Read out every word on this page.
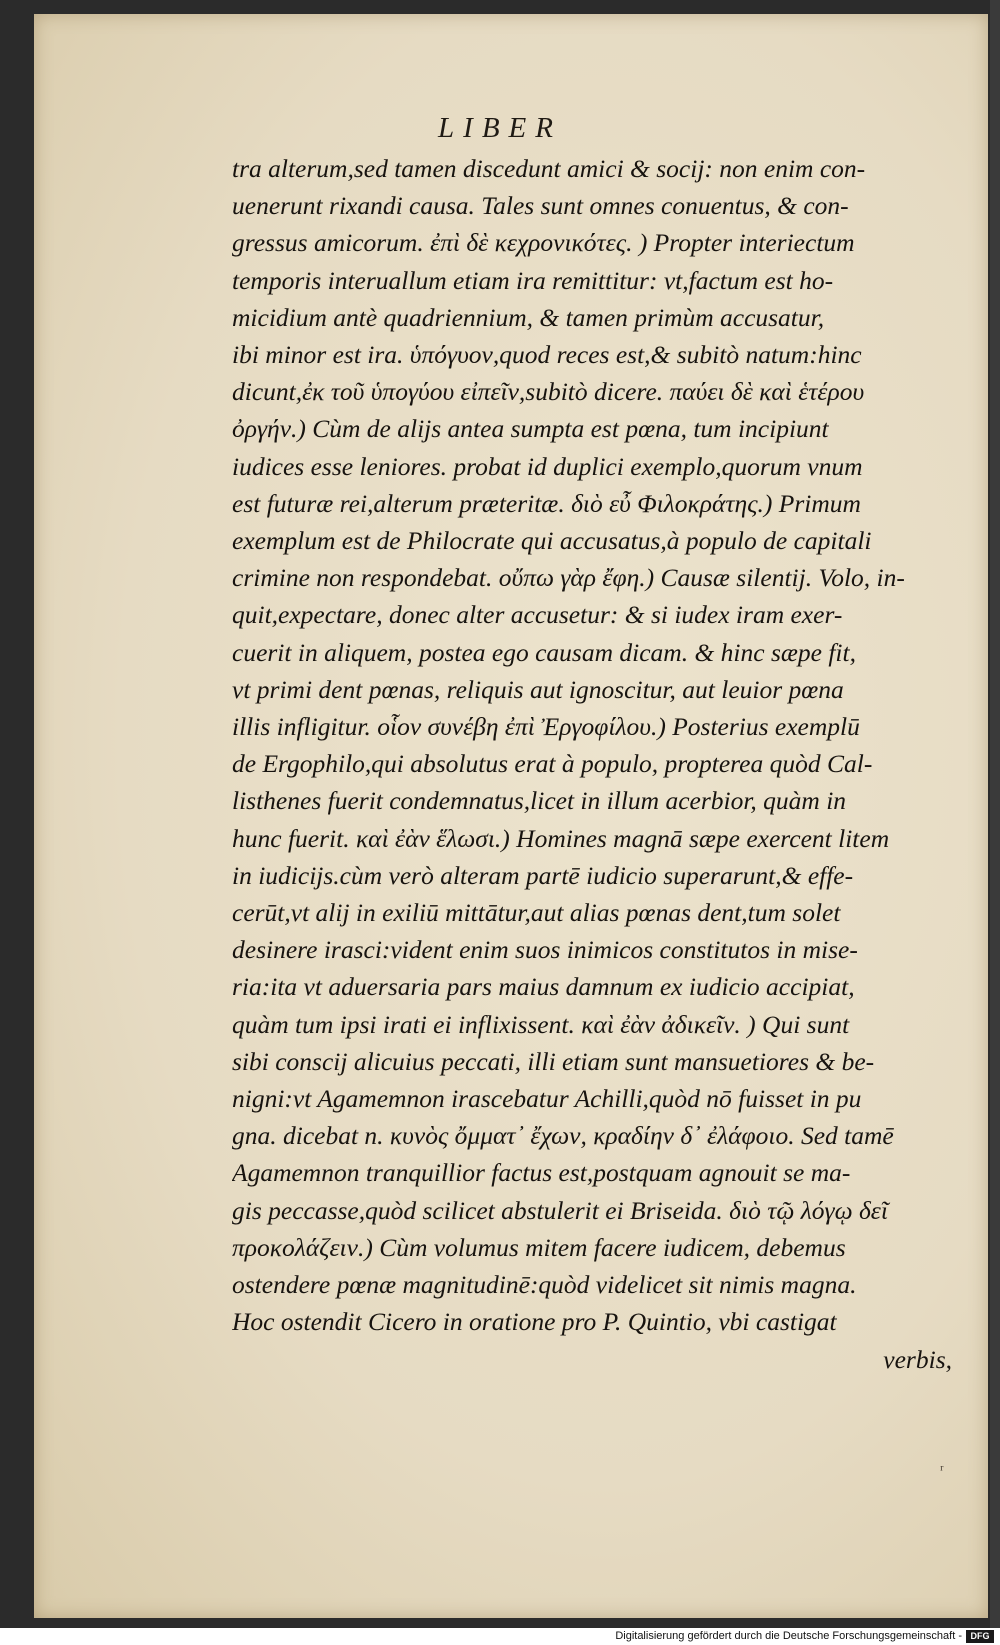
LIBER
tra alterum,sed tamen discedunt amici & socij: non enim con-
uenerunt rixandi causa. Tales sunt omnes conuentus, & con-
gressus amicorum. ἐπὶ δὲ κεχρονικότες. ) Propter interiectum
temporis interuallum etiam ira remittitur: vt,factum est ho-
micidium antè quadriennium, & tamen primùm accusatur,
ibi minor est ira. ὑπόγυον,quod reces est,& subitò natum:hinc
dicunt,ἐκ τοῦ ὑπογύου εἰπεῖν,subitò dicere. παύει δὲ καὶ ἑτέρου
ὀργήν.) Cùm de alijs antea sumpta est pœna, tum incipiunt
iudices esse leniores. probat id duplici exemplo,quorum vnum
est futuræ rei,alterum præteritæ. διὸ εὖ Φιλοκράτης.) Primum
exemplum est de Philocrate qui accusatus,à populo de capitali
crimine non respondebat. οὔπω γὰρ ἔφη.) Causæ silentij. Volo, in-
quit,expectare, donec alter accusetur: & si iudex iram exer-
cuerit in aliquem, postea ego causam dicam. & hinc sæpe fit,
vt primi dent pœnas, reliquis aut ignoscitur, aut leuior pœna
illis infligitur. οἷον συνέβη ἐπὶ Ἐργοφίλου.) Posterius exemplū
de Ergophilo,qui absolutus erat à populo, propterea quòd Cal-
listhenes fuerit condemnatus,licet in illum acerbior, quàm in
hunc fuerit. καὶ ἐὰν ἕλωσι.) Homines magnā sæpe exercent litem
in iudicijs.cùm verò alteram partē iudicio superarunt,& effe-
cerūt,vt alij in exiliū mittātur,aut alias pœnas dent,tum solet
desinere irasci:vident enim suos inimicos constitutos in mise-
ria:ita vt aduersaria pars maius damnum ex iudicio accipiat,
quàm tum ipsi irati ei inflixissent. καὶ ἐὰν ἀδικεῖν. ) Qui sunt
sibi conscij alicuius peccati, illi etiam sunt mansuetiores & be-
nigni:vt Agamemnon irascebatur Achilli,quòd nō fuisset in pu
gna. dicebat n. κυνὸς ὄμματ᾽ ἔχων, κραδίην δ᾽ ἐλάφοιο. Sed tamē
Agamemnon tranquillior factus est,postquam agnouit se ma-
gis peccasse,quòd scilicet abstulerit ei Briseida. διὸ τῷ λόγῳ δεῖ
προκολάζειν.) Cùm volumus mitem facere iudicem, debemus
ostendere pœnæ magnitudinē:quòd videlicet sit nimis magna.
Hoc ostendit Cicero in oratione pro P. Quintio, vbi castigat
verbis,
ʳ
Digitalisierung gefördert durch die Deutsche Forschungsgemeinschaft - DFG
